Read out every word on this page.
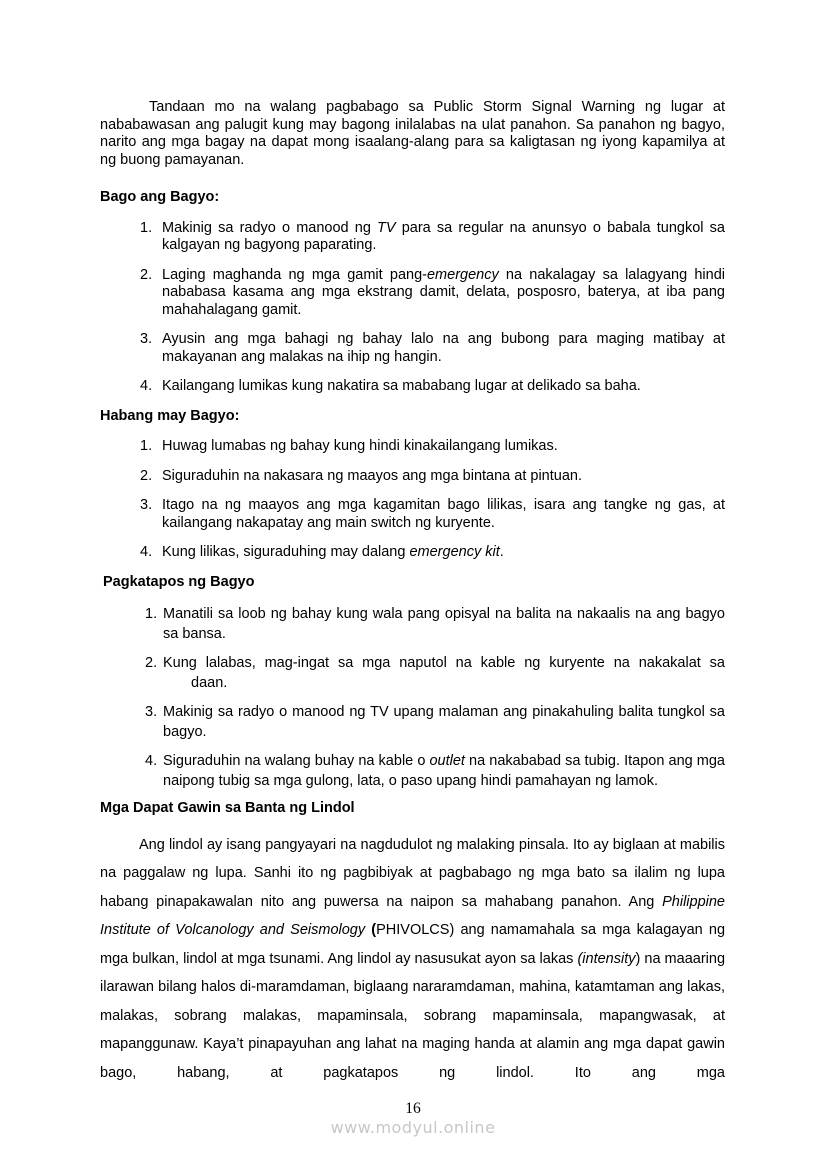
Tandaan mo na walang pagbabago sa Public Storm Signal Warning ng lugar at nababawasan ang palugit kung may bagong inilalabas na ulat panahon. Sa panahon ng bagyo, narito ang mga bagay na dapat mong isaalang-alang para sa kaligtasan ng iyong kapamilya at ng buong pamayanan.

Bago ang Bagyo:
1. Makinig sa radyo o manood ng TV para sa regular na anunsyo o babala tungkol sa kalgayan ng bagyong paparating.
2. Laging maghanda ng mga gamit pang-emergency na nakalagay sa lalagyang hindi nababasa kasama ang mga ekstrang damit, delata, posposro, baterya, at iba pang mahahalagang gamit.
3. Ayusin ang mga bahagi ng bahay lalo na ang bubong para maging matibay at makayanan ang malakas na ihip ng hangin.
4. Kailangang lumikas kung nakatira sa mababang lugar at delikado sa baha.
Habang may Bagyo:
1. Huwag lumabas ng bahay kung hindi kinakailangang lumikas.
2. Siguraduhin na nakasara ng maayos ang mga bintana at pintuan.
3. Itago na ng maayos ang mga kagamitan bago lilikas, isara ang tangke ng gas, at kailangang nakapatay ang main switch ng kuryente.
4. Kung lilikas, siguraduhing may dalang emergency kit.
Pagkatapos ng Bagyo
1. Manatili sa loob ng bahay kung wala pang opisyal na balita na nakaalis na ang bagyo sa bansa.
2. Kung lalabas, mag-ingat sa mga naputol na kable ng kuryente na nakakalat sa daan.
3. Makinig sa radyo o manood ng TV upang malaman ang pinakahuling balita tungkol sa bagyo.
4. Siguraduhin na walang buhay na kable o outlet na nakababad sa tubig. Itapon ang mga naipong tubig sa mga gulong, lata, o paso upang hindi pamahayan ng lamok.
Mga Dapat Gawin sa Banta ng Lindol

Ang lindol ay isang pangyayari na nagdudulot ng malaking pinsala. Ito ay biglaan at mabilis na paggalaw ng lupa. Sanhi ito ng pagbibiyak at pagbabago ng mga bato sa ilalim ng lupa habang pinapakawalan nito ang puwersa na naipon sa mahabang panahon. Ang Philippine Institute of Volcanology and Seismology (PHIVOLCS) ang namamahala sa mga kalagayan ng mga bulkan, lindol at mga tsunami. Ang lindol ay nasusukat ayon sa lakas (intensity) na maaaring ilarawan bilang halos di-maramdaman, biglaang nararamdaman, mahina, katamtaman ang lakas, malakas, sobrang malakas, mapaminsala, sobrang mapaminsala, mapangwasak, at mapanggunaw. Kaya’t pinapayuhan ang lahat na maging handa at alamin ang mga dapat gawin bago, habang, at pagkatapos ng lindol. Ito ang mga

16
www.modyul.online
